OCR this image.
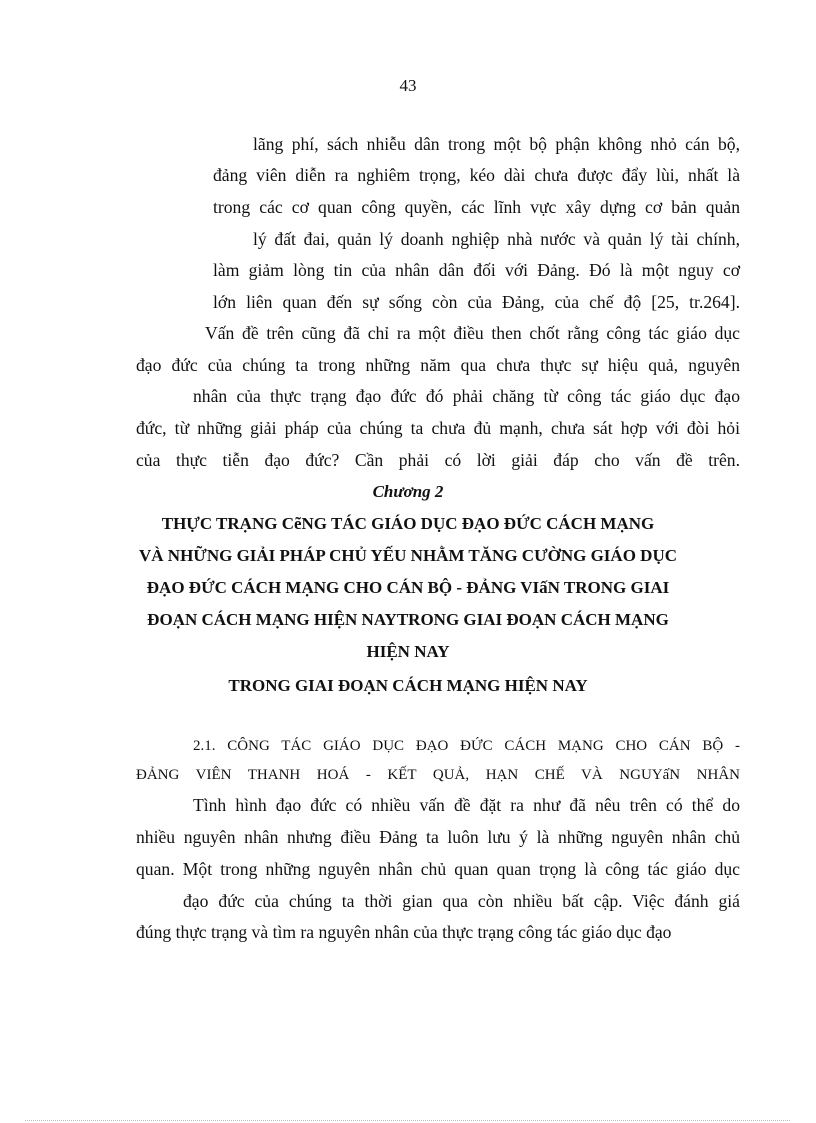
43
lãng phí, sách nhiễu dân trong một bộ phận không nhỏ cán bộ,
đảng viên diễn ra nghiêm trọng, kéo dài chưa được đẩy lùi, nhất là
trong các cơ quan công quyền, các lĩnh vực xây dựng cơ bản quản
lý đất đai, quản lý doanh nghiệp nhà nước và quản lý tài chính,
làm giảm lòng tin của nhân dân đối với Đảng. Đó là một nguy cơ
lớn liên quan đến sự sống còn của Đảng, của chế độ [25, tr.264].
Vấn đề trên cũng đã chỉ ra một điều then chốt rằng công tác giáo dục
đạo đức của chúng ta trong những năm qua chưa thực sự hiệu quả, nguyên
nhân của thực trạng đạo đức đó phải chăng từ công tác giáo dục đạo
đức, từ những giải pháp của chúng ta chưa đủ mạnh, chưa sát hợp với đòi hỏi
của thực tiễn đạo đức? Cần phải có lời giải đáp cho vấn đề trên.
Chương 2
THỰC TRẠNG CẽNG TÁC GIÁO DỤC ĐẠO ĐỨC CÁCH MẠNG
VÀ NHỮNG GIẢI PHÁP CHỦ YẾU NHẰM TĂNG CƯỜNG GIÁO DỤC
ĐẠO ĐỨC CÁCH MẠNG CHO CÁN BỘ - ĐẢNG VIấN TRONG GIAI
ĐOẠN CÁCH MẠNG HIỆN NAYTRONG GIAI ĐOẠN CÁCH MẠNG
HIỆN NAY
TRONG GIAI ĐOẠN CÁCH MẠNG HIỆN NAY
2.1. CÔNG TÁC GIÁO DỤC ĐẠO ĐỨC CÁCH MẠNG CHO CÁN BỘ -
ĐẢNG VIÊN THANH HOÁ - KẾT QUẢ, HẠN CHẾ VÀ NGUYấN NHÂN
Tình hình đạo đức có nhiều vấn đề đặt ra như đã nêu trên có thể do
nhiều nguyên nhân nhưng điều Đảng ta luôn lưu ý là những nguyên nhân chủ
quan. Một trong những nguyên nhân chủ quan quan trọng là công tác giáo dục
đạo đức của chúng ta thời gian qua còn nhiều bất cập. Việc đánh giá
đúng thực trạng và tìm ra nguyên nhân của thực trạng công tác giáo dục đạo
